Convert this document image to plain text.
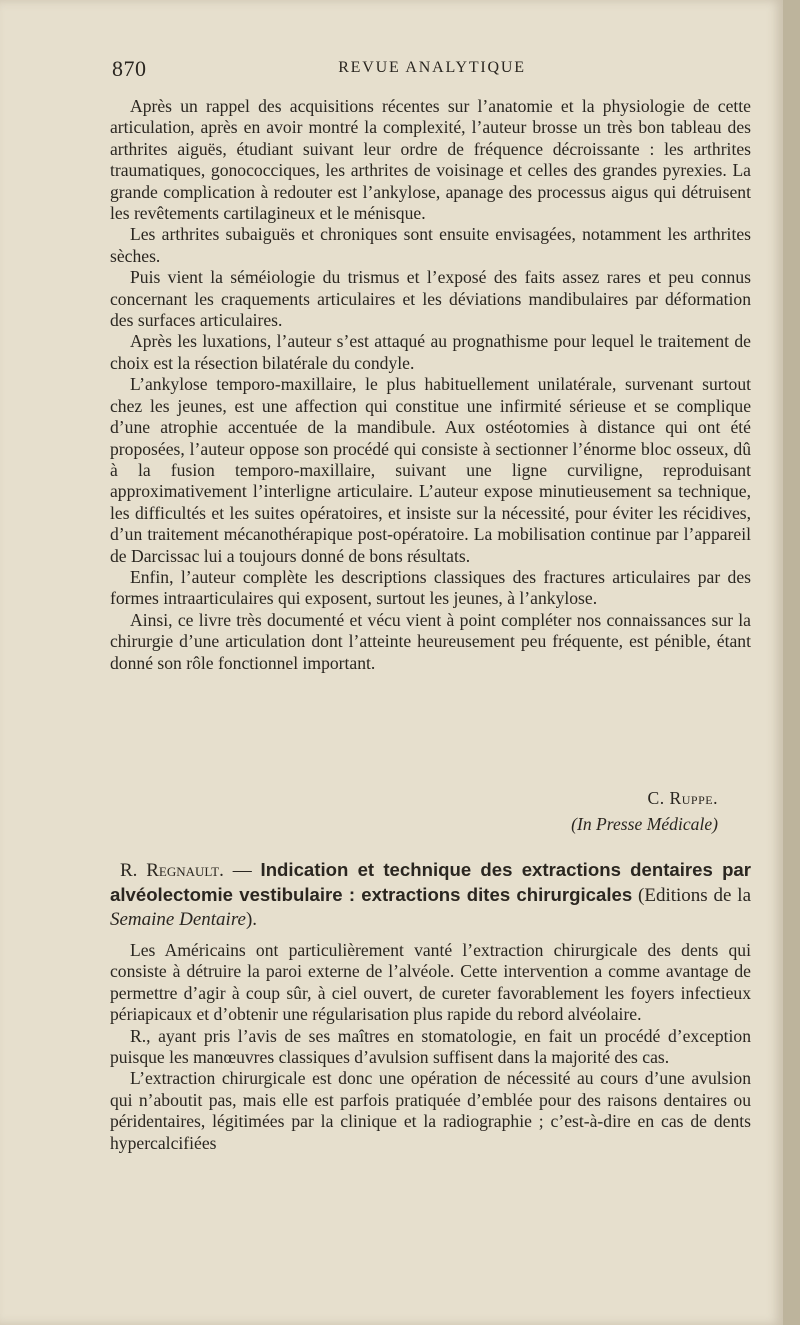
870	REVUE ANALYTIQUE

Après un rappel des acquisitions récentes sur l’anatomie et la physiologie de cette articulation, après en avoir montré la complexité, l’auteur brosse un très bon tableau des arthrites aiguës, étudiant suivant leur ordre de fréquence décroissante : les arthrites traumatiques, gonococciques, les arthrites de voisinage et celles des grandes pyrexies. La grande complication à redouter est l’ankylose, apanage des processus aigus qui détruisent les revêtements cartilagineux et le ménisque.

Les arthrites subaiguës et chroniques sont ensuite envisagées, notamment les arthrites sèches.

Puis vient la séméiologie du trismus et l’exposé des faits assez rares et peu connus concernant les craquements articulaires et les déviations mandibulaires par déformation des surfaces articulaires.

Après les luxations, l’auteur s’est attaqué au prognathisme pour lequel le traitement de choix est la résection bilatérale du condyle.

L’ankylose temporo-maxillaire, le plus habituellement unilatérale, survenant surtout chez les jeunes, est une affection qui constitue une infirmité sérieuse et se complique d’une atrophie accentuée de la mandibule. Aux ostéotomies à distance qui ont été proposées, l’auteur oppose son procédé qui consiste à sectionner l’énorme bloc osseux, dû à la fusion temporo-maxillaire, suivant une ligne curviligne, reproduisant approximativement l’interligne articulaire. L’auteur expose minutieusement sa technique, les difficultés et les suites opératoires, et insiste sur la nécessité, pour éviter les récidives, d’un traitement mécanothérapique post-opératoire. La mobilisation continue par l’appareil de Darcissac lui a toujours donné de bons résultats.

Enfin, l’auteur complète les descriptions classiques des fractures articulaires par des formes intraarticulaires qui exposent, surtout les jeunes, à l’ankylose.

Ainsi, ce livre très documenté et vécu vient à point compléter nos connaissances sur la chirurgie d’une articulation dont l’atteinte heureusement peu fréquente, est pénible, étant donné son rôle fonctionnel important.

C. Ruppe.
(In Presse Médicale)
R. Regnault. — Indication et technique des extractions dentaires par alvéolectomie vestibulaire : extractions dites chirurgicales (Editions de la Semaine Dentaire).

Les Américains ont particulièrement vanté l’extraction chirurgicale des dents qui consiste à détruire la paroi externe de l’alvéole. Cette intervention a comme avantage de permettre d’agir à coup sûr, à ciel ouvert, de cureter favorablement les foyers infectieux périapicaux et d’obtenir une régularisation plus rapide du rebord alvéolaire.

R., ayant pris l’avis de ses maîtres en stomatologie, en fait un procédé d’exception puisque les manœuvres classiques d’avulsion suffisent dans la majorité des cas.

L’extraction chirurgicale est donc une opération de nécessité au cours d’une avulsion qui n’aboutit pas, mais elle est parfois pratiquée d’emblée pour des raisons dentaires ou péridentaires, légitimées par la clinique et la radiographie ; c’est-à-dire en cas de dents hypercalcifiées
